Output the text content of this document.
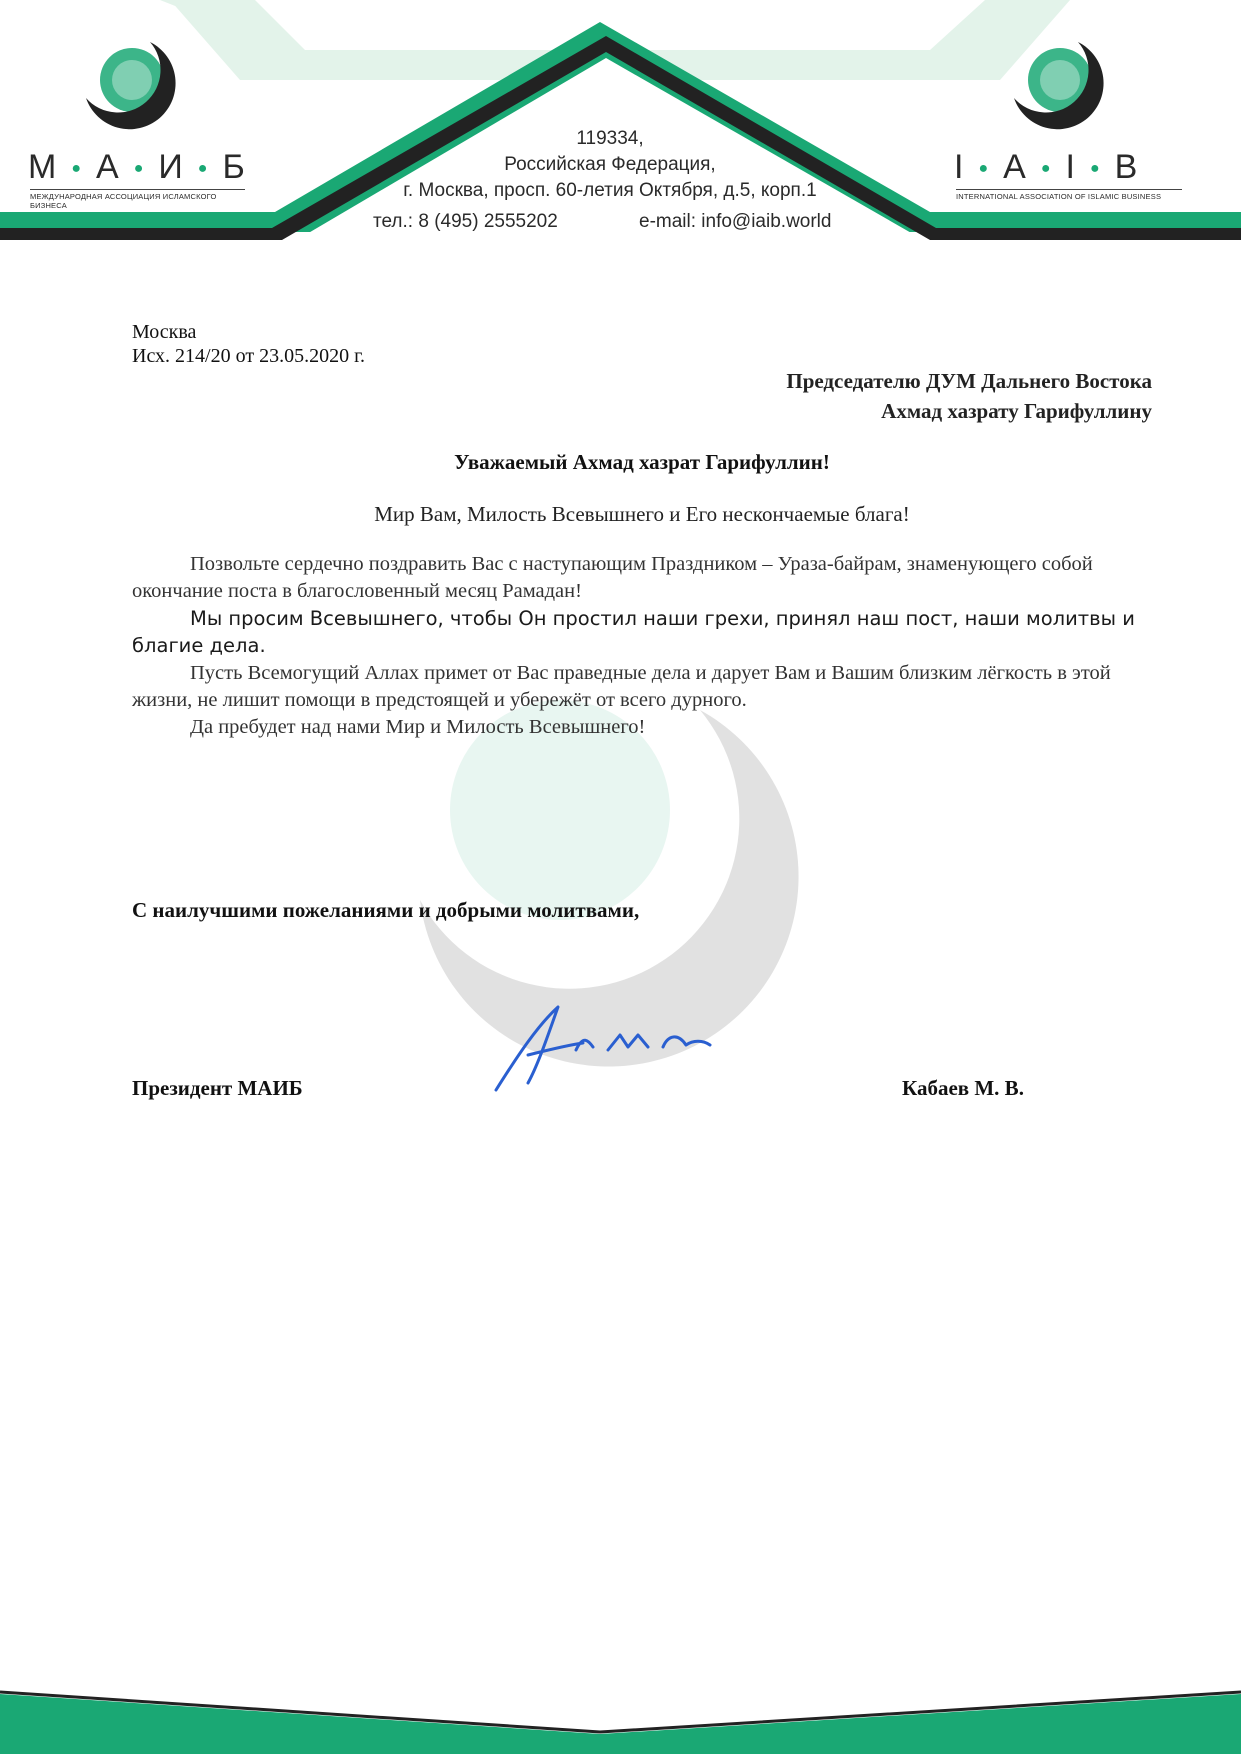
М ● А ● И ● Б
МЕЖДУНАРОДНАЯ АССОЦИАЦИЯ ИСЛАМСКОГО БИЗНЕСА
I ● A ● I ● B
INTERNATIONAL ASSOCIATION OF ISLAMIC BUSINESS
119334,
Российская Федерация,
г. Москва, просп. 60-летия Октября, д.5, корп.1
тел.: 8 (495) 2555202	e-mail: info@iaib.world
Москва
Исх. 214/20 от 23.05.2020 г.
Председателю ДУМ Дальнего Востока
Ахмад хазрату Гарифуллину
Уважаемый Ахмад хазрат Гарифуллин!
Мир Вам, Милость Всевышнего и Его нескончаемые блага!
Позвольте сердечно поздравить Вас с наступающим Праздником – Ураза-байрам, знаменующего собой окончание поста в благословенный месяц Рамадан!
Мы просим Всевышнего, чтобы Он простил наши грехи, принял наш пост, наши молитвы и благие дела.
Пусть Всемогущий Аллах примет от Вас праведные дела и дарует Вам и Вашим близким лёгкость в этой жизни, не лишит помощи в предстоящей и убережёт от всего дурного.
Да пребудет над нами Мир и Милость Всевышнего!
С наилучшими пожеланиями и добрыми молитвами,
Президент МАИБ	Кабаев М. В.
